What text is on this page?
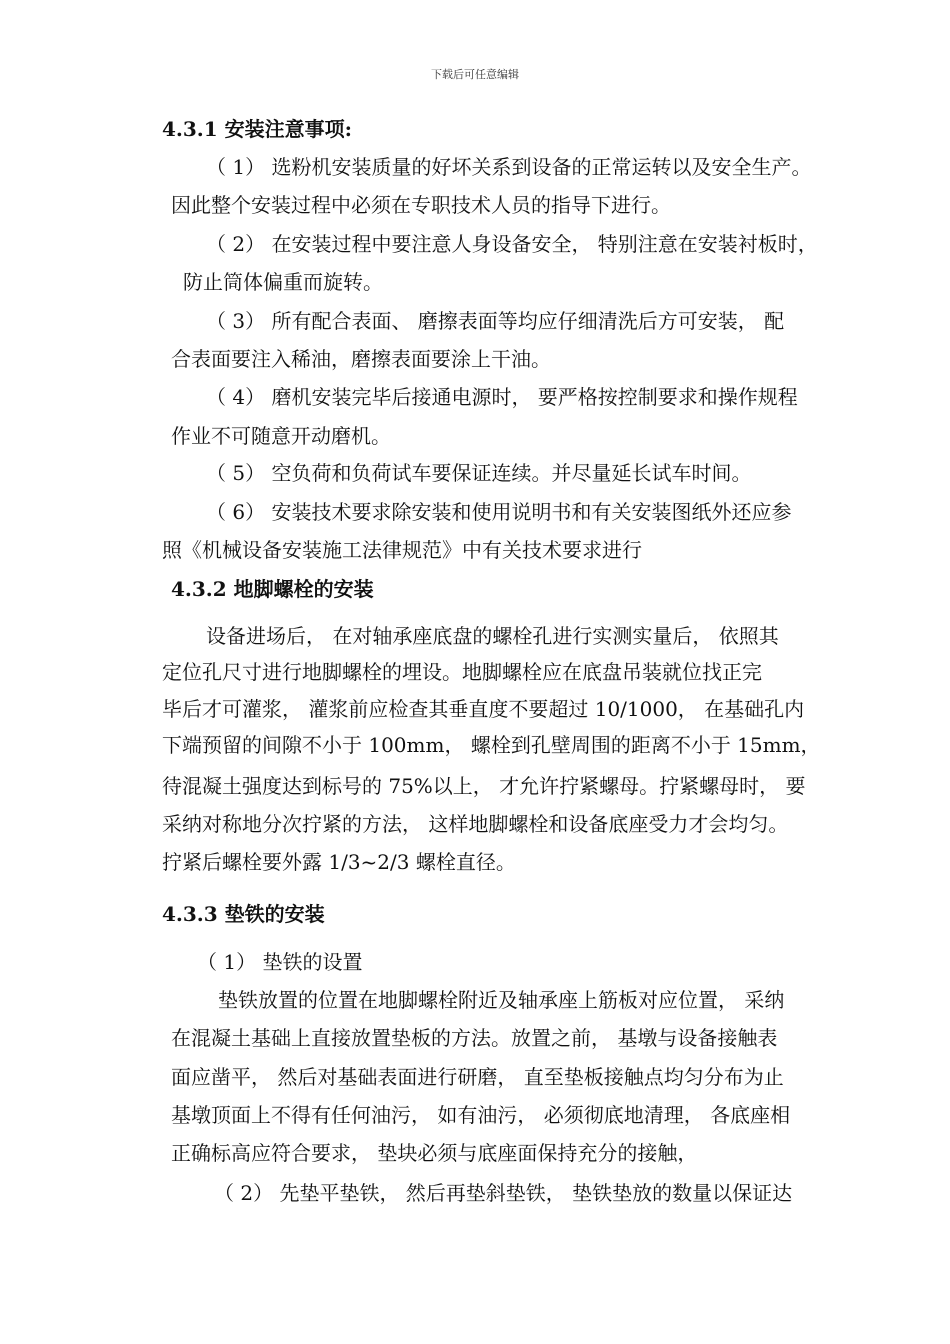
下载后可任意编辑
4.3.1 安装注意事项:
（ 1） 选粉机安装质量的好坏关系到设备的正常运转以及安全生产。
因此整个安装过程中必须在专职技术人员的指导下进行。
（ 2） 在安装过程中要注意人身设备安全， 特别注意在安装衬板时，
防止筒体偏重而旋转。
（ 3） 所有配合表面、 磨擦表面等均应仔细清洗后方可安装， 配
合表面要注入稀油，磨擦表面要涂上干油。
（ 4） 磨机安装完毕后接通电源时， 要严格按控制要求和操作规程
作业不可随意开动磨机。
（ 5） 空负荷和负荷试车要保证连续。并尽量延长试车时间。
（ 6） 安装技术要求除安装和使用说明书和有关安装图纸外还应参
照《机械设备安装施工法律规范》中有关技术要求进行
4.3.2 地脚螺栓的安装
设备进场后， 在对轴承座底盘的螺栓孔进行实测实量后， 依照其
定位孔尺寸进行地脚螺栓的埋设。地脚螺栓应在底盘吊装就位找正完
毕后才可灌浆， 灌浆前应检查其垂直度不要超过 10/1000， 在基础孔内
下端预留的间隙不小于 100mm， 螺栓到孔壁周围的距离不小于 15mm，
待混凝土强度达到标号的 75%以上， 才允许拧紧螺母。拧紧螺母时， 要
采纳对称地分次拧紧的方法， 这样地脚螺栓和设备底座受力才会均匀。
拧紧后螺栓要外露 1/3~2/3 螺栓直径。
4.3.3 垫铁的安装
（ 1） 垫铁的设置
垫铁放置的位置在地脚螺栓附近及轴承座上筋板对应位置， 采纳
在混凝土基础上直接放置垫板的方法。放置之前， 基墩与设备接触表
面应凿平， 然后对基础表面进行研磨， 直至垫板接触点均匀分布为止
基墩顶面上不得有任何油污， 如有油污， 必须彻底地清理， 各底座相
正确标高应符合要求， 垫块必须与底座面保持充分的接触，
（ 2） 先垫平垫铁， 然后再垫斜垫铁， 垫铁垫放的数量以保证达
